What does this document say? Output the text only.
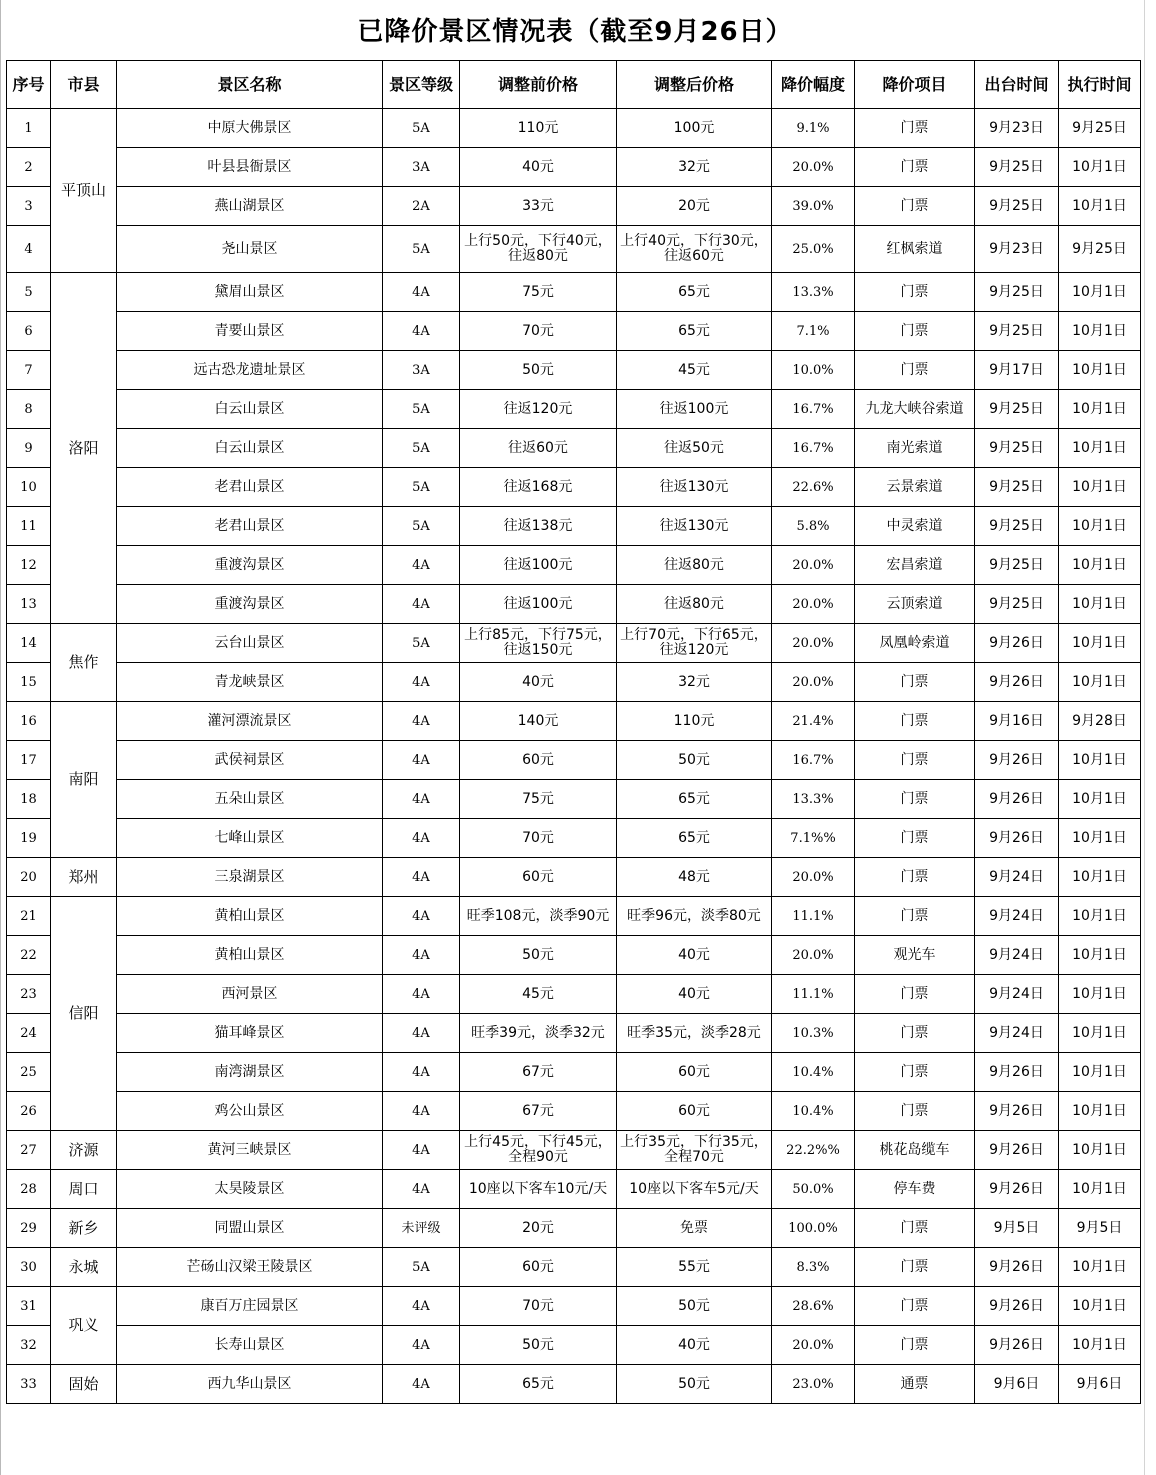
已降价景区情况表（截至9月26日）
序号	市县	景区名称	景区等级	调整前价格	调整后价格	降价幅度	降价项目	出台时间	执行时间
1	平顶山	中原大佛景区	5A	110元	100元	9.1%	门票	9月23日	9月25日
2		叶县县衙景区	3A	40元	32元	20.0%	门票	9月25日	10月1日
3		燕山湖景区	2A	33元	20元	39.0%	门票	9月25日	10月1日
4		尧山景区	5A	上行50元，下行40元，往返80元	上行40元，下行30元，往返60元	25.0%	红枫索道	9月23日	9月25日
5	洛阳	黛眉山景区	4A	75元	65元	13.3%	门票	9月25日	10月1日
6		青要山景区	4A	70元	65元	7.1%	门票	9月25日	10月1日
7		远古恐龙遗址景区	3A	50元	45元	10.0%	门票	9月17日	10月1日
8		白云山景区	5A	往返120元	往返100元	16.7%	九龙大峡谷索道	9月25日	10月1日
9		白云山景区	5A	往返60元	往返50元	16.7%	南光索道	9月25日	10月1日
10		老君山景区	5A	往返168元	往返130元	22.6%	云景索道	9月25日	10月1日
11		老君山景区	5A	往返138元	往返130元	5.8%	中灵索道	9月25日	10月1日
12		重渡沟景区	4A	往返100元	往返80元	20.0%	宏昌索道	9月25日	10月1日
13		重渡沟景区	4A	往返100元	往返80元	20.0%	云顶索道	9月25日	10月1日
14	焦作	云台山景区	5A	上行85元，下行75元，往返150元	上行70元，下行65元，往返120元	20.0%	凤凰岭索道	9月26日	10月1日
15		青龙峡景区	4A	40元	32元	20.0%	门票	9月26日	10月1日
16	南阳	灌河漂流景区	4A	140元	110元	21.4%	门票	9月16日	9月28日
17		武侯祠景区	4A	60元	50元	16.7%	门票	9月26日	10月1日
18		五朵山景区	4A	75元	65元	13.3%	门票	9月26日	10月1日
19		七峰山景区	4A	70元	65元	7.1%%	门票	9月26日	10月1日
20	郑州	三泉湖景区	4A	60元	48元	20.0%	门票	9月24日	10月1日
21	信阳	黄柏山景区	4A	旺季108元，淡季90元	旺季96元，淡季80元	11.1%	门票	9月24日	10月1日
22		黄柏山景区	4A	50元	40元	20.0%	观光车	9月24日	10月1日
23		西河景区	4A	45元	40元	11.1%	门票	9月24日	10月1日
24		猫耳峰景区	4A	旺季39元，淡季32元	旺季35元，淡季28元	10.3%	门票	9月24日	10月1日
25		南湾湖景区	4A	67元	60元	10.4%	门票	9月26日	10月1日
26		鸡公山景区	4A	67元	60元	10.4%	门票	9月26日	10月1日
27	济源	黄河三峡景区	4A	上行45元，下行45元，全程90元	上行35元，下行35元，全程70元	22.2%%	桃花岛缆车	9月26日	10月1日
28	周口	太昊陵景区	4A	10座以下客车10元/天	10座以下客车5元/天	50.0%	停车费	9月26日	10月1日
29	新乡	同盟山景区	未评级	20元	免票	100.0%	门票	9月5日	9月5日
30	永城	芒砀山汉梁王陵景区	5A	60元	55元	8.3%	门票	9月26日	10月1日
31	巩义	康百万庄园景区	4A	70元	50元	28.6%	门票	9月26日	10月1日
32		长寿山景区	4A	50元	40元	20.0%	门票	9月26日	10月1日
33	固始	西九华山景区	4A	65元	50元	23.0%	通票	9月6日	9月6日
